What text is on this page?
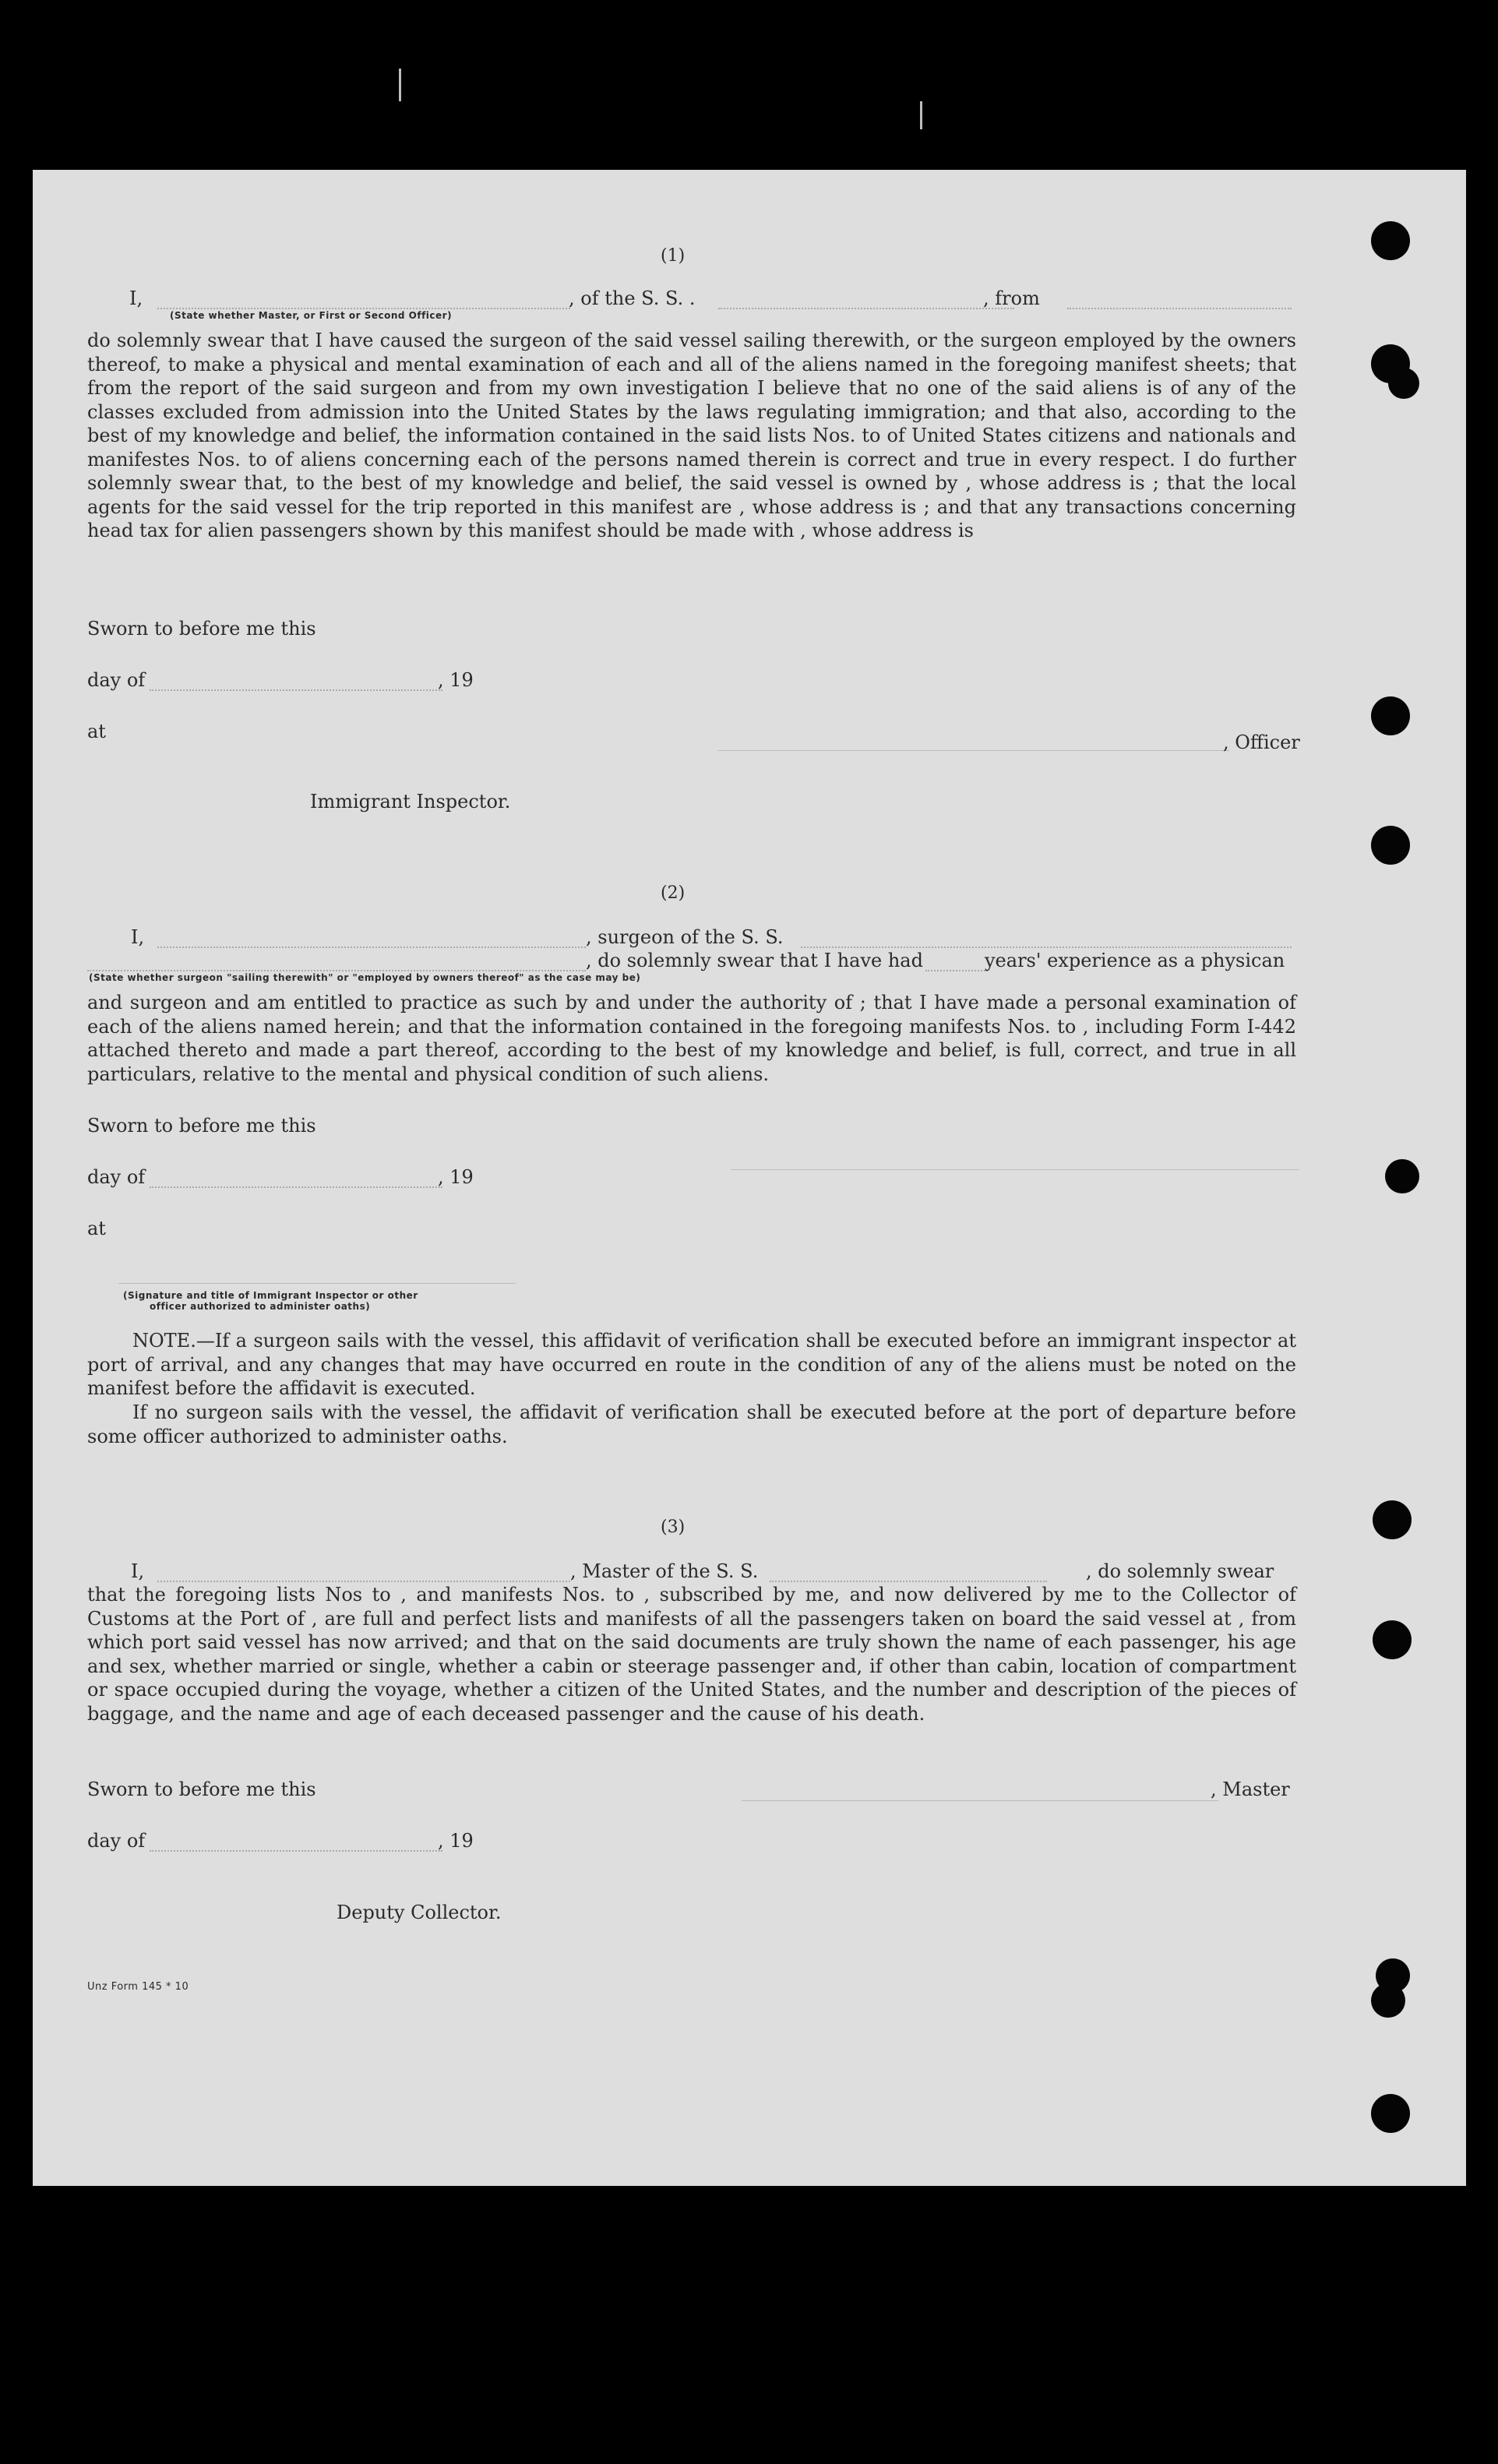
(1)
I,	, of the S. S. .	, from
(State whether Master, or First or Second Officer)
do solemnly swear that I have caused the surgeon of the said vessel sailing therewith, or the surgeon employed by the owners thereof, to make a physical and mental examination of each and all of the aliens named in the foregoing manifest sheets; that from the report of the said surgeon and from my own investigation I believe that no one of the said aliens is of any of the classes excluded from admission into the United States by the laws regulating immigration; and that also, according to the best of my knowledge and belief, the information contained in the said lists Nos. to of United States citizens and nationals and manifestes Nos. to of aliens concerning each of the persons named therein is correct and true in every respect. I do further solemnly swear that, to the best of my knowledge and belief, the said vessel is owned by , whose address is ; that the local agents for the said vessel for the trip reported in this manifest are , whose address is ; and that any transactions concerning head tax for alien passengers shown by this manifest should be made with , whose address is
Sworn to before me this
day of	, 19
at	, Officer
Immigrant Inspector.
(2)
I,	, surgeon of the S. S.
, do solemnly swear that I have had	years' experience as a physican
(State whether surgeon "sailing therewith" or "employed by owners thereof" as the case may be)
and surgeon and am entitled to practice as such by and under the authority of ; that I have made a personal examination of each of the aliens named herein; and that the information contained in the foregoing manifests Nos. to , including Form I-442 attached thereto and made a part thereof, according to the best of my knowledge and belief, is full, correct, and true in all particulars, relative to the mental and physical condition of such aliens.
Sworn to before me this
day of	, 19
at
(Signature and title of Immigrant Inspector or other
officer authorized to administer oaths)
NOTE.—If a surgeon sails with the vessel, this affidavit of verification shall be executed before an immigrant inspector at port of arrival, and any changes that may have occurred en route in the condition of any of the aliens must be noted on the manifest before the affidavit is executed.
If no surgeon sails with the vessel, the affidavit of verification shall be executed before at the port of departure before some officer authorized to administer oaths.
(3)
I,	, Master of the S. S.	, do solemnly swear
that the foregoing lists Nos to , and manifests Nos. to , subscribed by me, and now delivered by me to the Collector of Customs at the Port of , are full and perfect lists and manifests of all the passengers taken on board the said vessel at , from which port said vessel has now arrived; and that on the said documents are truly shown the name of each passenger, his age and sex, whether married or single, whether a cabin or steerage passenger and, if other than cabin, location of compartment or space occupied during the voyage, whether a citizen of the United States, and the number and description of the pieces of baggage, and the name and age of each deceased passenger and the cause of his death.
Sworn to before me this	, Master
day of	, 19
Deputy Collector.
Unz Form 145 * 10
